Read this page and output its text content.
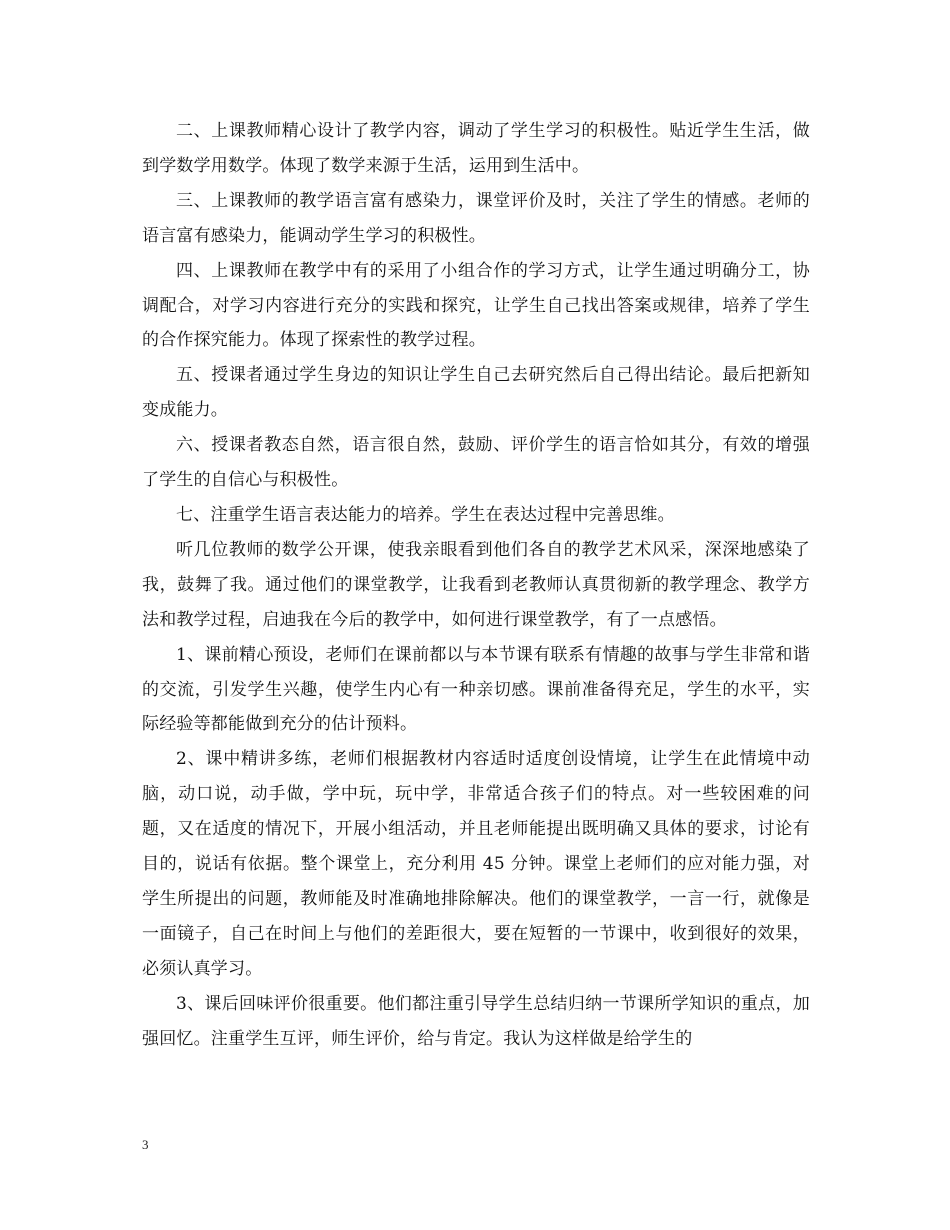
二、上课教师精心设计了教学内容，调动了学生学习的积极性。贴近学生生活，做到学数学用数学。体现了数学来源于生活，运用到生活中。

三、上课教师的教学语言富有感染力，课堂评价及时，关注了学生的情感。老师的语言富有感染力，能调动学生学习的积极性。

四、上课教师在教学中有的采用了小组合作的学习方式，让学生通过明确分工，协调配合，对学习内容进行充分的实践和探究，让学生自己找出答案或规律，培养了学生的合作探究能力。体现了探索性的教学过程。

五、授课者通过学生身边的知识让学生自己去研究然后自己得出结论。最后把新知变成能力。

六、授课者教态自然，语言很自然，鼓励、评价学生的语言恰如其分，有效的增强了学生的自信心与积极性。

七、注重学生语言表达能力的培养。学生在表达过程中完善思维。

听几位教师的数学公开课，使我亲眼看到他们各自的教学艺术风采，深深地感染了我，鼓舞了我。通过他们的课堂教学，让我看到老教师认真贯彻新的教学理念、教学方法和教学过程，启迪我在今后的教学中，如何进行课堂教学，有了一点感悟。

1、课前精心预设，老师们在课前都以与本节课有联系有情趣的故事与学生非常和谐的交流，引发学生兴趣，使学生内心有一种亲切感。课前准备得充足，学生的水平，实际经验等都能做到充分的估计预料。

2、课中精讲多练，老师们根据教材内容适时适度创设情境，让学生在此情境中动脑，动口说，动手做，学中玩，玩中学，非常适合孩子们的特点。对一些较困难的问题，又在适度的情况下，开展小组活动，并且老师能提出既明确又具体的要求，讨论有目的，说话有依据。整个课堂上，充分利用 45 分钟。课堂上老师们的应对能力强，对学生所提出的问题，教师能及时准确地排除解决。他们的课堂教学，一言一行，就像是一面镜子，自己在时间上与他们的差距很大，要在短暂的一节课中，收到很好的效果，必须认真学习。

3、课后回味评价很重要。他们都注重引导学生总结归纳一节课所学知识的重点，加强回忆。注重学生互评，师生评价，给与肯定。我认为这样做是给学生的

3
